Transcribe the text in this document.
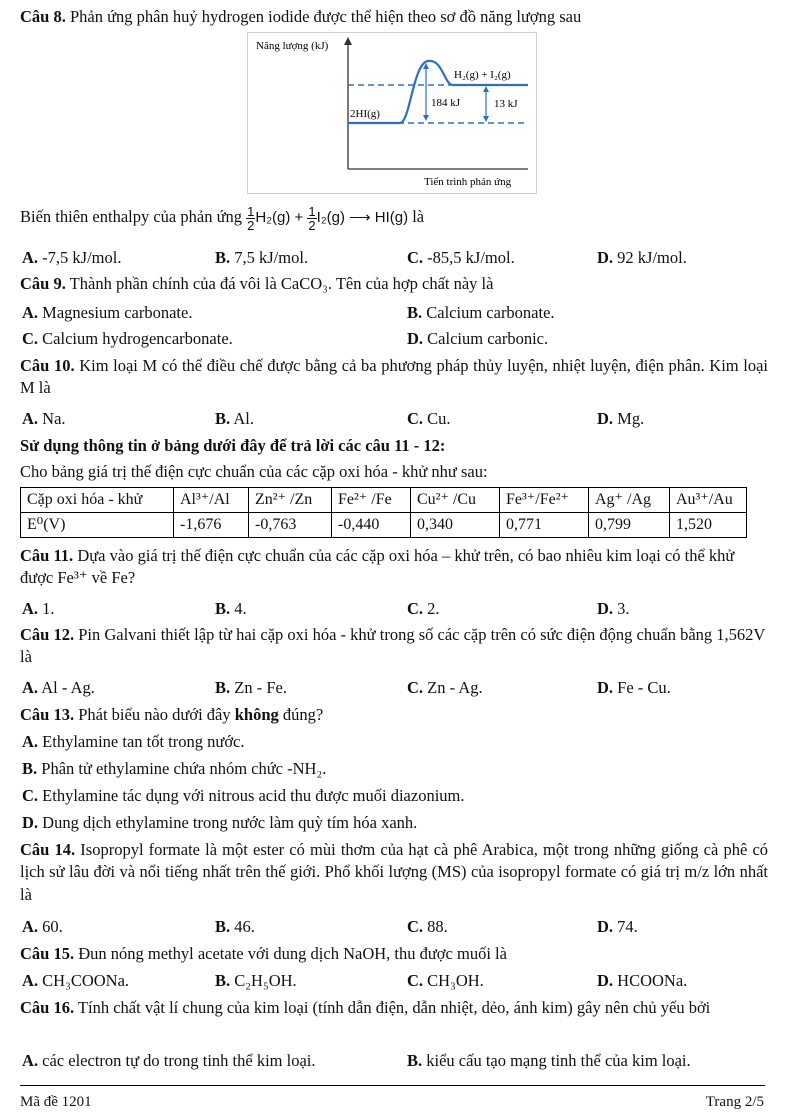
Câu 8. Phản ứng phân huỷ hydrogen iodide được thể hiện theo sơ đồ năng lượng sau
Năng lượng (kJ)
Tiến trình phản ứng
2HI(g)
H₂(g) + I₂(g)
184 kJ	13 kJ
Biến thiên enthalpy của phản ứng $\frac{1}{2} H_2(g) + \frac{1}{2} I_2(g)$ ⟶ HI(g) là
A. -7,5 kJ/mol.	B. 7,5 kJ/mol.	C. -85,5 kJ/mol.	D. 92 kJ/mol.
Câu 9. Thành phần chính của đá vôi là CaCO₃. Tên của hợp chất này là
A. Magnesium carbonate.	B. Calcium carbonate.
C. Calcium hydrogencarbonate.	D. Calcium carbonic.
Câu 10. Kim loại M có thể điều chế được bằng cả ba phương pháp thủy luyện, nhiệt luyện, điện phân. Kim loại M là
A. Na.	B. Al.	C. Cu.	D. Mg.
Sử dụng thông tin ở bảng dưới đây để trả lời các câu 11 - 12:
Cho bảng giá trị thế điện cực chuẩn của các cặp oxi hóa - khử như sau:
Cặp oxi hóa - khử	Al³⁺/Al	Zn²⁺ /Zn	Fe²⁺ /Fe	Cu²⁺ /Cu	Fe³⁺/Fe²⁺	Ag⁺ /Ag	Au³⁺/Au
E⁰(V)	-1,676	-0,763	-0,440	0,340	0,771	0,799	1,520
Câu 11. Dựa vào giá trị thế điện cực chuẩn của các cặp oxi hóa – khử trên, có bao nhiêu kim loại có thể khử được Fe³⁺ về Fe?
A. 1.	B. 4.	C. 2.	D. 3.
Câu 12. Pin Galvani thiết lập từ hai cặp oxi hóa - khử trong số các cặp trên có sức điện động chuẩn bằng 1,562V là
A. Al - Ag.	B. Zn - Fe.	C. Zn - Ag.	D. Fe - Cu.
Câu 13. Phát biểu nào dưới đây không đúng?
A. Ethylamine tan tốt trong nước.
B. Phân tử ethylamine chứa nhóm chức -NH₂.
C. Ethylamine tác dụng với nitrous acid thu được muối diazonium.
D. Dung dịch ethylamine trong nước làm quỳ tím hóa xanh.
Câu 14. Isopropyl formate là một ester có mùi thơm của hạt cà phê Arabica, một trong những giống cà phê có lịch sử lâu đời và nổi tiếng nhất trên thế giới. Phổ khối lượng (MS) của isopropyl formate có giá trị m/z lớn nhất là
A. 60.	B. 46.	C. 88.	D. 74.
Câu 15. Đun nóng methyl acetate với dung dịch NaOH, thu được muối là
A. CH₃COONa.	B. C₂H₅OH.	C. CH₃OH.	D. HCOONa.
Câu 16. Tính chất vật lí chung của kim loại (tính dẫn điện, dẫn nhiệt, dẻo, ánh kim) gây nên chủ yếu bởi
A. các electron tự do trong tinh thể kim loại.	B. kiểu cấu tạo mạng tinh thể của kim loại.
Mã đề 1201	Trang 2/5
